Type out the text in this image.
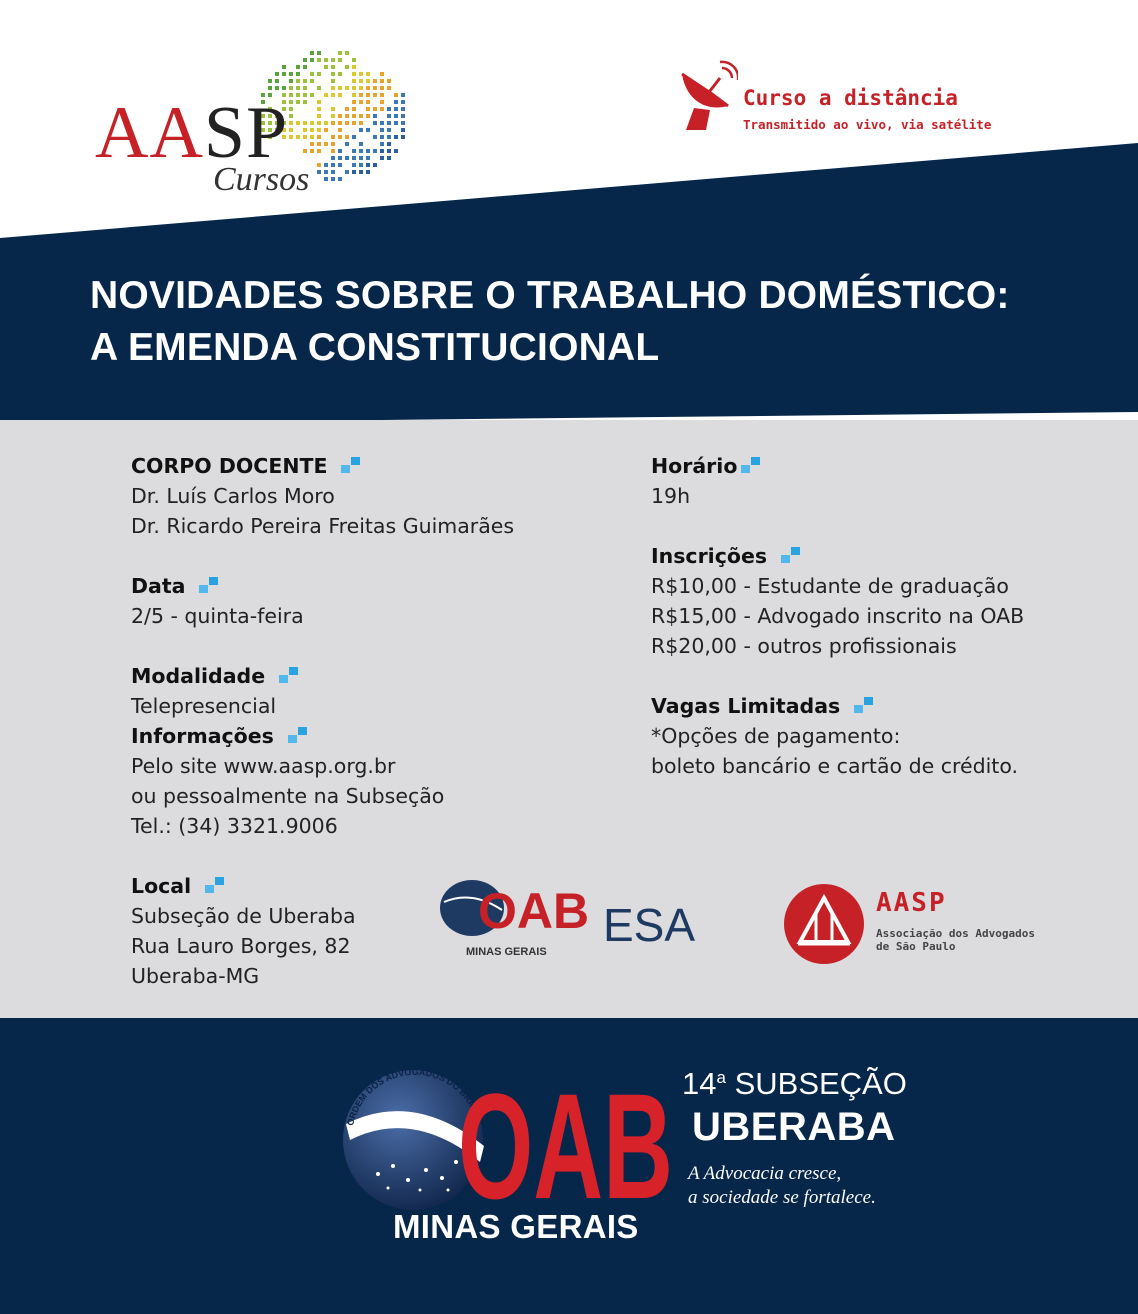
AASP
Cursos
Curso a distância
Transmitido ao vivo, via satélite
NOVIDADES SOBRE O TRABALHO DOMÉSTICO:
A EMENDA CONSTITUCIONAL
CORPO DOCENTE
Dr. Luís Carlos Moro
Dr. Ricardo Pereira Freitas Guimarães
Data
2/5 - quinta-feira
Modalidade
Telepresencial
Informações
Pelo site www.aasp.org.br
ou pessoalmente na Subseção
Tel.: (34) 3321.9006
Local
Subseção de Uberaba
Rua Lauro Borges, 82
Uberaba-MG
Horário
19h
Inscrições
R$10,00 - Estudante de graduação
R$15,00 - Advogado inscrito na OAB
R$20,00 - outros profissionais
Vagas Limitadas
*Opções de pagamento:
boleto bancário e cartão de crédito.
OAB
MINAS GERAIS
ESA	AASP
Associação dos Advogados
de São Paulo
ORDEM DOS ADVOGADOS DO BRASIL
OAB
MINAS GERAIS
14$^a$ SUBSEÇÃO
UBERABA
A Advocacia cresce,
a sociedade se fortalece.
